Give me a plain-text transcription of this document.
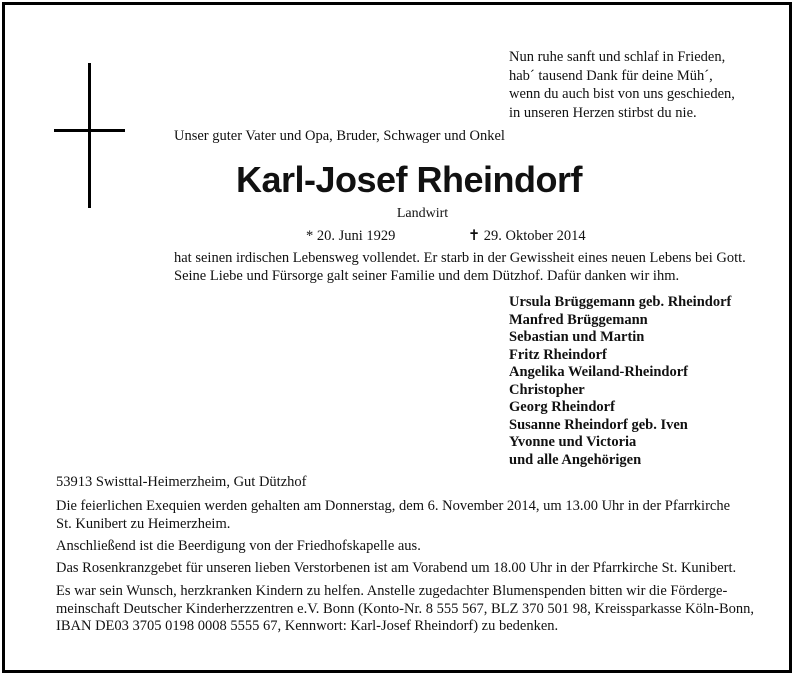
Nun ruhe sanft und schlaf in Frieden,
hab´ tausend Dank für deine Müh´,
wenn du auch bist von uns geschieden,
in unseren Herzen stirbst du nie.
Unser guter Vater und Opa, Bruder, Schwager und Onkel
Karl-Josef Rheindorf
Landwirt
* 20. Juni 1929	✝ 29. Oktober 2014
hat seinen irdischen Lebensweg vollendet. Er starb in der Gewissheit eines neuen Lebens bei Gott.
Seine Liebe und Fürsorge galt seiner Familie und dem Dützhof. Dafür danken wir ihm.
Ursula Brüggemann geb. Rheindorf
Manfred Brüggemann
Sebastian und Martin
Fritz Rheindorf
Angelika Weiland-Rheindorf
Christopher
Georg Rheindorf
Susanne Rheindorf geb. Iven
Yvonne und Victoria
und alle Angehörigen
53913 Swisttal-Heimerzheim, Gut Dützhof
Die feierlichen Exequien werden gehalten am Donnerstag, dem 6. November 2014, um 13.00 Uhr in der Pfarrkirche
St. Kunibert zu Heimerzheim.
Anschließend ist die Beerdigung von der Friedhofskapelle aus.
Das Rosenkranzgebet für unseren lieben Verstorbenen ist am Vorabend um 18.00 Uhr in der Pfarrkirche St. Kunibert.
Es war sein Wunsch, herzkranken Kindern zu helfen. Anstelle zugedachter Blumenspenden bitten wir die Förderge-
meinschaft Deutscher Kinderherzzentren e.V. Bonn (Konto-Nr. 8 555 567, BLZ 370 501 98, Kreissparkasse Köln-Bonn,
IBAN DE03 3705 0198 0008 5555 67, Kennwort: Karl-Josef Rheindorf) zu bedenken.
